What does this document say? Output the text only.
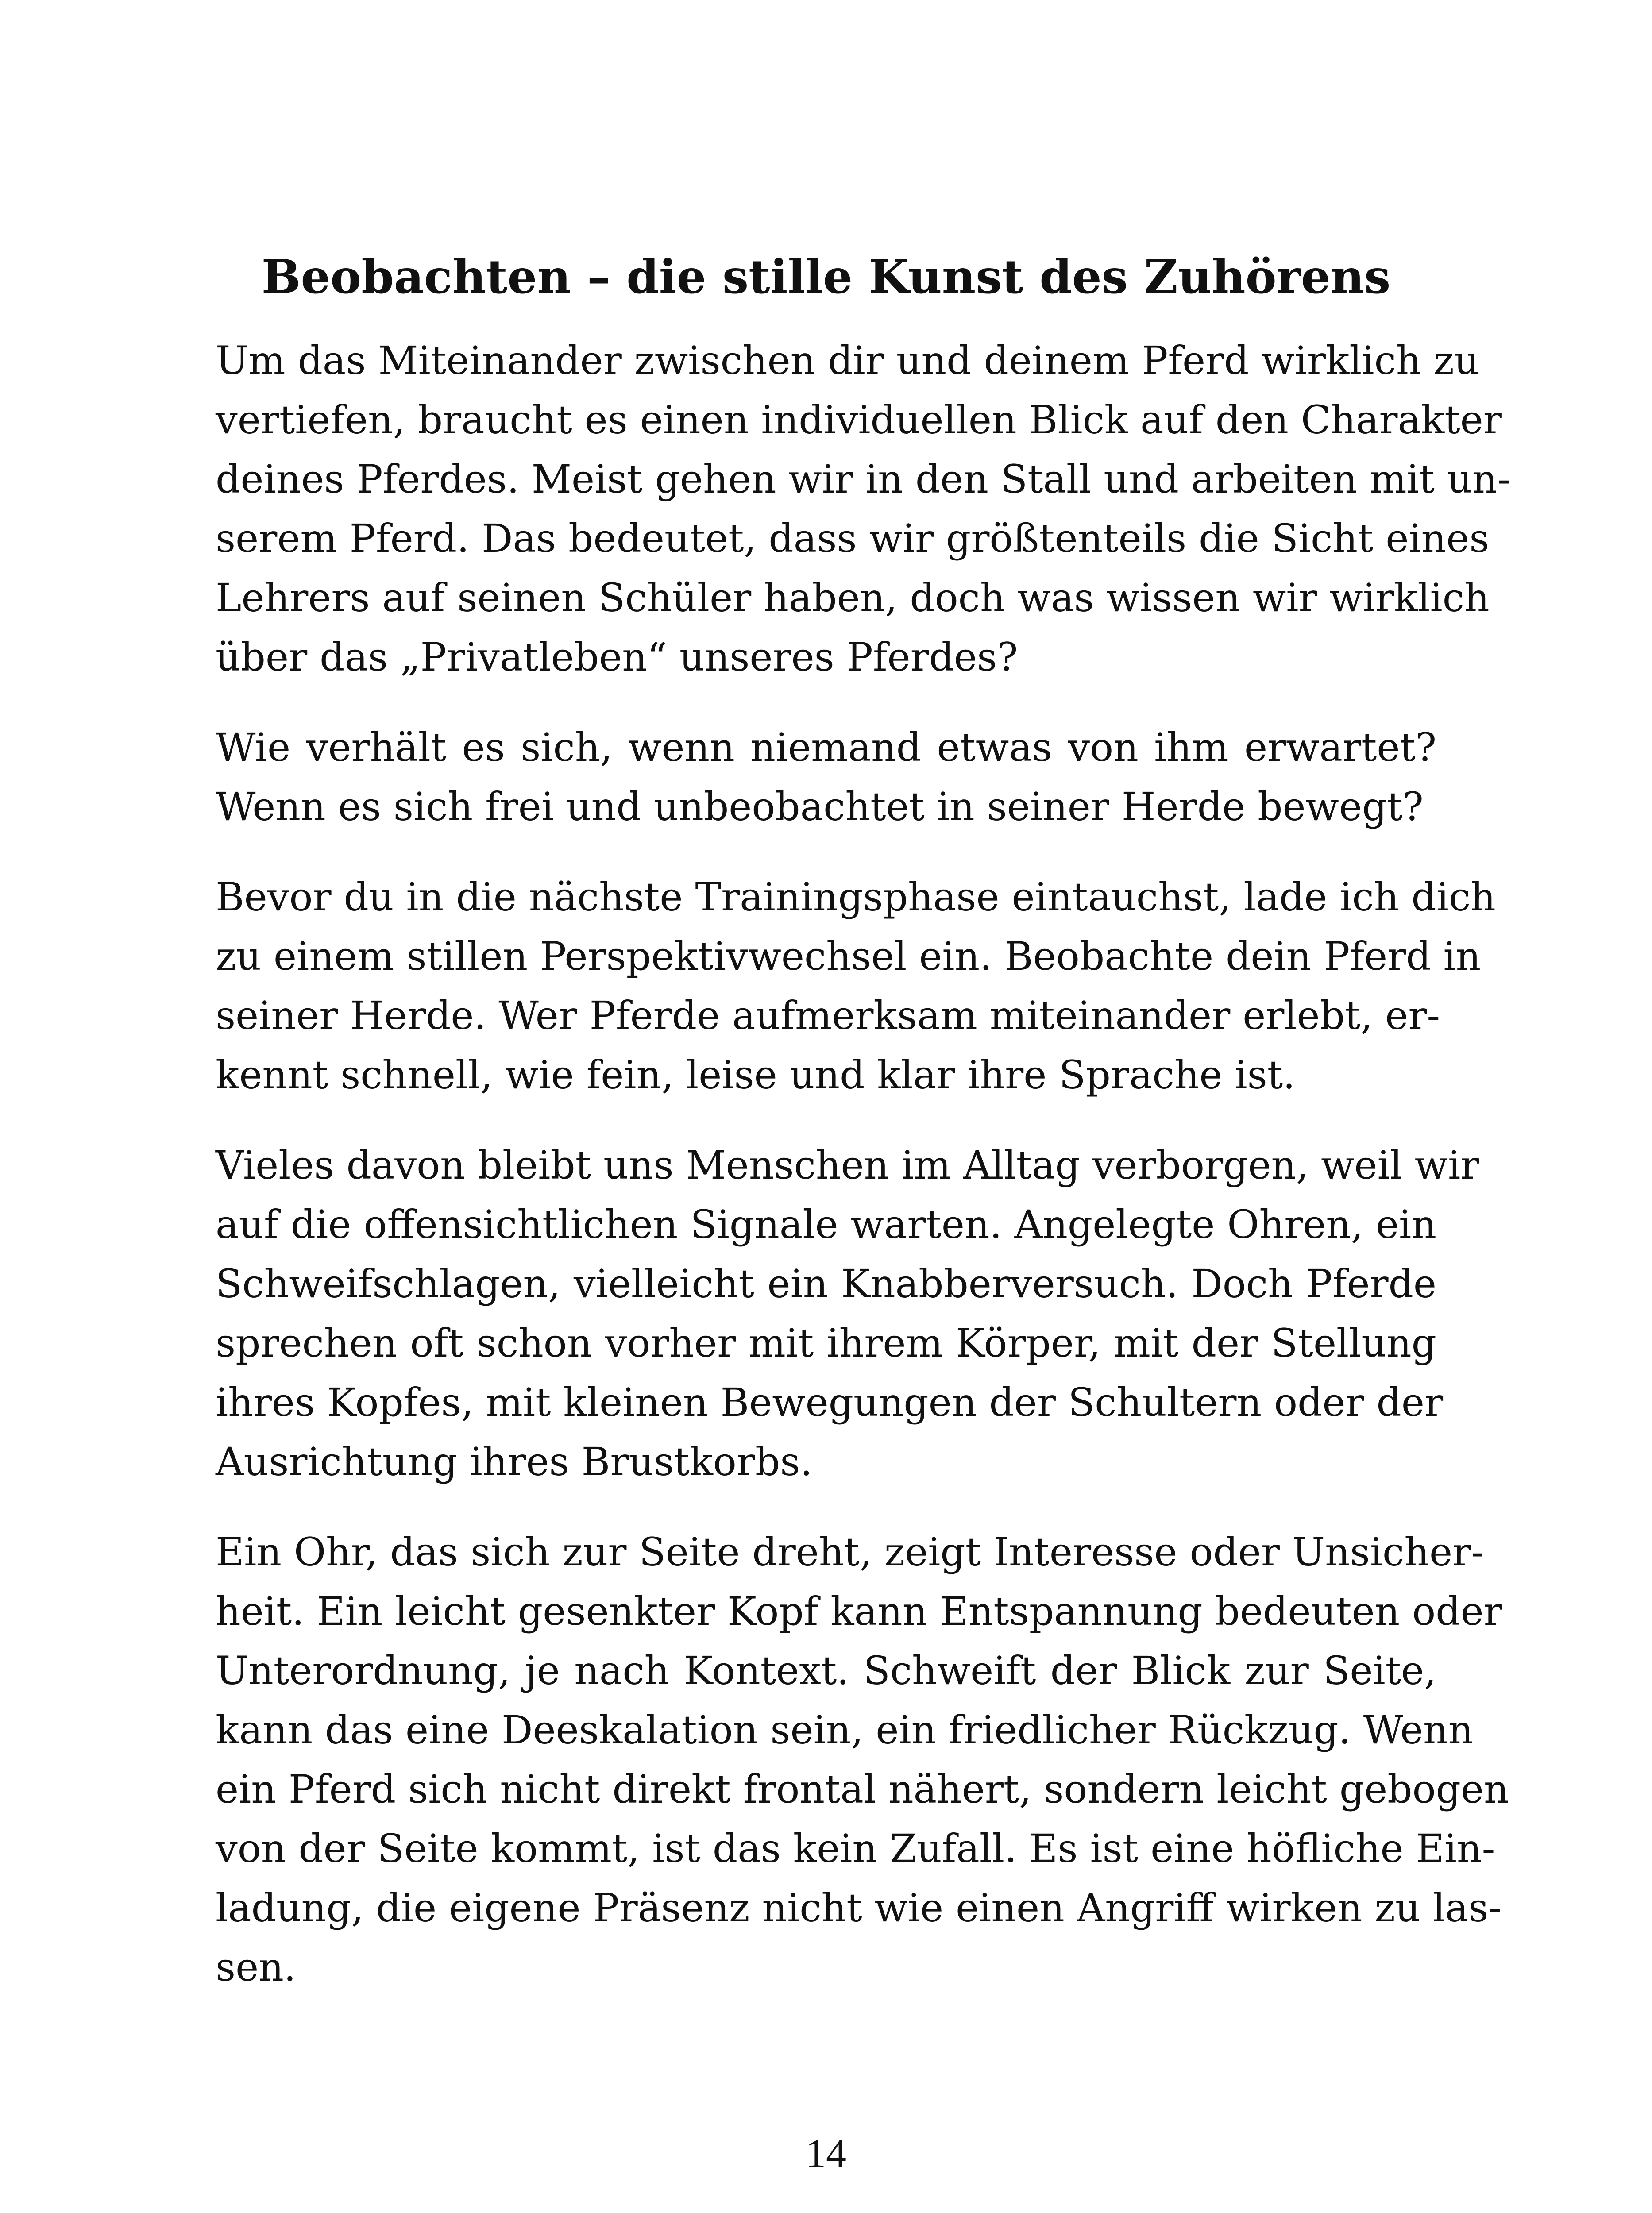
Beobachten – die stille Kunst des Zuhörens

Um das Miteinander zwischen dir und deinem Pferd wirklich zu
vertiefen, braucht es einen individuellen Blick auf den Charakter
deines Pferdes. Meist gehen wir in den Stall und arbeiten mit un-
serem Pferd. Das bedeutet, dass wir größtenteils die Sicht eines
Lehrers auf seinen Schüler haben, doch was wissen wir wirklich
über das „Privatleben“ unseres Pferdes?

Wie verhält es sich, wenn niemand etwas von ihm erwartet?
Wenn es sich frei und unbeobachtet in seiner Herde bewegt?

Bevor du in die nächste Trainingsphase eintauchst, lade ich dich
zu einem stillen Perspektivwechsel ein. Beobachte dein Pferd in
seiner Herde. Wer Pferde aufmerksam miteinander erlebt, er-
kennt schnell, wie fein, leise und klar ihre Sprache ist.

Vieles davon bleibt uns Menschen im Alltag verborgen, weil wir
auf die offensichtlichen Signale warten. Angelegte Ohren, ein
Schweifschlagen, vielleicht ein Knabberversuch. Doch Pferde
sprechen oft schon vorher mit ihrem Körper, mit der Stellung
ihres Kopfes, mit kleinen Bewegungen der Schultern oder der
Ausrichtung ihres Brustkorbs.

Ein Ohr, das sich zur Seite dreht, zeigt Interesse oder Unsicher-
heit. Ein leicht gesenkter Kopf kann Entspannung bedeuten oder
Unterordnung, je nach Kontext. Schweift der Blick zur Seite,
kann das eine Deeskalation sein, ein friedlicher Rückzug. Wenn
ein Pferd sich nicht direkt frontal nähert, sondern leicht gebogen
von der Seite kommt, ist das kein Zufall. Es ist eine höfliche Ein-
ladung, die eigene Präsenz nicht wie einen Angriff wirken zu las-
sen.

14
